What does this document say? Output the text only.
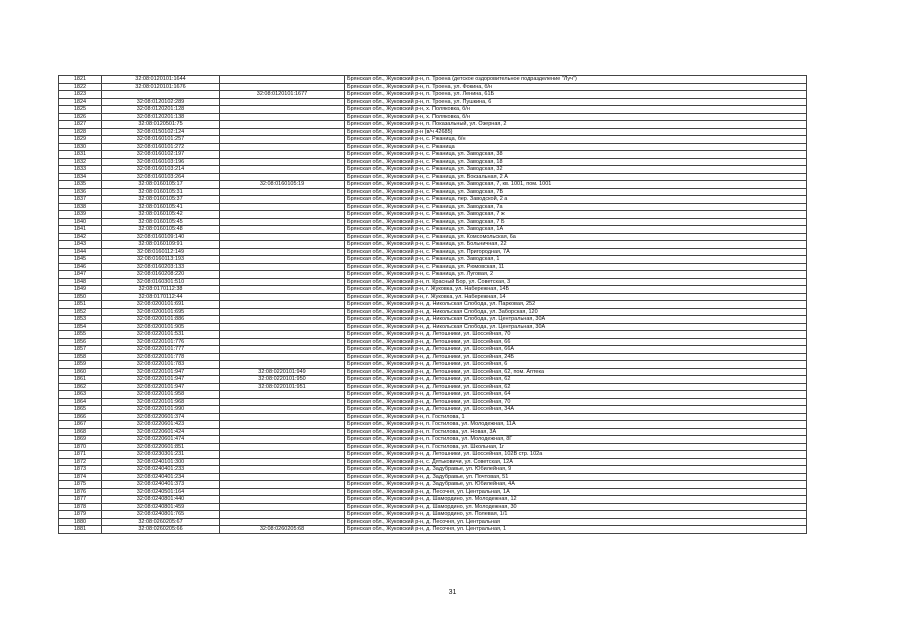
1821	32:08:0120101:1644		Брянская обл., Жуковский р-н, п. Троена (детское оздоровительное подразделение "Луч")
1822	32:08:0120101:1676		Брянская обл., Жуковский р-н, п. Троена, ул. Фокина, б/н
1823		32:08:0120101:1677	Брянская обл., Жуковский р-н, п. Троена, ул. Ленина, 61Б
1824	32:08:0120102:289		Брянская обл., Жуковский р-н, п. Троена, ул. Пушкина, 6
1825	32:08:0120201:128		Брянская обл., Жуковский р-н, х. Поляковка, б/н
1826	32:08:0120201:138		Брянская обл., Жуковский р-н, х. Поляковка, б/н
1827	32:08:0120501:75		Брянская обл., Жуковский р-н, п. Показальный, ул. Озерная, 2
1828	32:08:0150102:124		Брянская обл., Жуковский р-н (в/ч 42685)
1829	32:08:0160101:257		Брянская обл., Жуковский р-н, с. Ржаница, б/н
1830	32:08:0160101:272		Брянская обл., Жуковский р-н, с. Ржаница
1831	32:08:0160102:197		Брянская обл., Жуковский р-н, с. Ржаница, ул. Заводская, 38
1832	32:08:0160103:196		Брянская обл., Жуковский р-н, с. Ржаница, ул. Заводская, 18
1833	32:08:0160103:214		Брянская обл., Жуковский р-н, с. Ржаница, ул. Заводская, 32
1834	32:08:0160103:264		Брянская обл., Жуковский р-н, с. Ржаница, ул. Вокзальная, 2 А
1835	32:08:0160105:17	32:08:0160105:19	Брянская обл., Жуковский р-н, с. Ржаница, ул. Заводская, 7, кв. 1001, пом. 1001
1836	32:08:0160105:31		Брянская обл., Жуковский р-н, с. Ржаница, ул. Заводская, 7Б
1837	32:08:0160105:37		Брянская обл., Жуковский р-н, с. Ржаница, пер. Заводской, 2 а
1838	32:08:0160105:41		Брянская обл., Жуковский р-н, с. Ржаница, ул. Заводская, 7а
1839	32:08:0160105:42		Брянская обл., Жуковский р-н, с. Ржаница, ул. Заводская, 7 ж
1840	32:08:0160105:45		Брянская обл., Жуковский р-н, с. Ржаница, ул. Заводская, 7 Б
1841	32:08:0160105:48		Брянская обл., Жуковский р-н, с. Ржаница, ул. Заводская, 1А
1842	32:08:0160109:140		Брянская обл., Жуковский р-н, с. Ржаница, ул. Комсомольская, 6а
1843	32:08:0160109:91		Брянская обл., Жуковский р-н, с. Ржаница, ул. Больничная, 22
1844	32:08:0160112:149		Брянская обл., Жуковский р-н, с. Ржаница, ул. Пригородная, 7А
1845	32:08:0160113:193		Брянская обл., Жуковский р-н, с. Ржаница, ул. Заводская, 1
1846	32:08:0160203:133		Брянская обл., Жуковский р-н, с. Ржаница, ул. Рюмовская, 11
1847	32:08:0160208:220		Брянская обл., Жуковский р-н, с. Ржаница, ул. Луговая, 2
1848	32:08:0160301:510		Брянская обл., Жуковский р-н, п. Красный Бор, ул. Советская, 3
1849	32:08:0170112:38		Брянская обл., Жуковский р-н, г. Жуковка, ул. Набережная, 14Б
1850	32:08:0170112:44		Брянская обл., Жуковский р-н, г. Жуковка, ул. Набережная, 14
1851	32:08:0200101:691		Брянская обл., Жуковский р-н, д. Никольская Слобода, ул. Парковая, 252
1852	32:08:0200101:695		Брянская обл., Жуковский р-н, д. Никольская Слобода, ул. Заборская, 120
1853	32:08:0200101:886		Брянская обл., Жуковский р-н, д. Никольская Слобода, ул. Центральная, 30А
1854	32:08:0200101:905		Брянская обл., Жуковский р-н, д. Никольская Слобода, ул. Центральная, 30А
1855	32:08:0220101:531		Брянская обл., Жуковский р-н, д. Летошники, ул. Шоссейная, 70
1856	32:08:0220101:776		Брянская обл., Жуковский р-н, д. Летошники, ул. Шоссейная, 66
1857	32:08:0220101:777		Брянская обл., Жуковский р-н, д. Летошники, ул. Шоссейная, 66А
1858	32:08:0220101:778		Брянская обл., Жуковский р-н, д. Летошники, ул. Шоссейная, 24Б
1859	32:08:0220101:783		Брянская обл., Жуковский р-н, д. Летошники, ул. Шоссейная, 6
1860	32:08:0220101:947	32:08:0220101:949	Брянская обл., Жуковский р-н, д. Летошники, ул. Шоссейная, 62, пом. Аптека
1861	32:08:0220101:947	32:08:0220101:950	Брянская обл., Жуковский р-н, д. Летошники, ул. Шоссейная, 62
1862	32:08:0220101:947	32:08:0220101:951	Брянская обл., Жуковский р-н, д. Летошники, ул. Шоссейная, 62
1863	32:08:0220101:958		Брянская обл., Жуковский р-н, д. Летошники, ул. Шоссейная, 64
1864	32:08:0220101:968		Брянская обл., Жуковский р-н, д. Летошники, ул. Шоссейная, 70
1865	32:08:0220101:990		Брянская обл., Жуковский р-н, д. Летошники, ул. Шоссейная, 34А
1866	32:08:0220601:374		Брянская обл., Жуковский р-н, п. Гостилова, 1
1867	32:08:0220601:423		Брянская обл., Жуковский р-н, п. Гостилова, ул. Молодежная, 11А
1868	32:08:0220601:424		Брянская обл., Жуковский р-н, п. Гостилова, ул. Новая, 3А
1869	32:08:0220601:474		Брянская обл., Жуковский р-н, п. Гостилова, ул. Молодежная, 8Г
1870	32:08:0220601:851		Брянская обл., Жуковский р-н, п. Гостилова, ул. Школьная, 1г
1871	32:08:0230301:231		Брянская обл., Жуковский р-н, д. Летошники, ул. Шоссейная, 102В стр. 102а
1872	32:08:0240101:300		Брянская обл., Жуковский р-н, с. Дятьковичи, ул. Советская, 12А
1873	32:08:0240401:233		Брянская обл., Жуковский р-н, д. Задубравье, ул. Юбилейная, 9
1874	32:08:0240401:234		Брянская обл., Жуковский р-н, д. Задубравье, ул. Почтовая, 51
1875	32:08:0240401:373		Брянская обл., Жуковский р-н, д. Задубравье, ул. Юбилейная, 4А
1876	32:08:0240501:164		Брянская обл., Жуковский р-н, д. Песочня, ул. Центральная, 1А
1877	32:08:0240801:440		Брянская обл., Жуковский р-н, д. Шамордино, ул. Молодежная, 12
1878	32:08:0240801:459		Брянская обл., Жуковский р-н, д. Шамордино, ул. Молодежная, 30
1879	32:08:0240801:765		Брянская обл., Жуковский р-н, д. Шамордино, ул. Полевая, 1/1
1880	32:08:0260205:67		Брянская обл., Жуковский р-н, д. Песочня, ул. Центральная
1881	32:08:0260205:66	32:08:0260205:68	Брянская обл., Жуковский р-н, д. Песочня, ул. Центральная, 1
31
